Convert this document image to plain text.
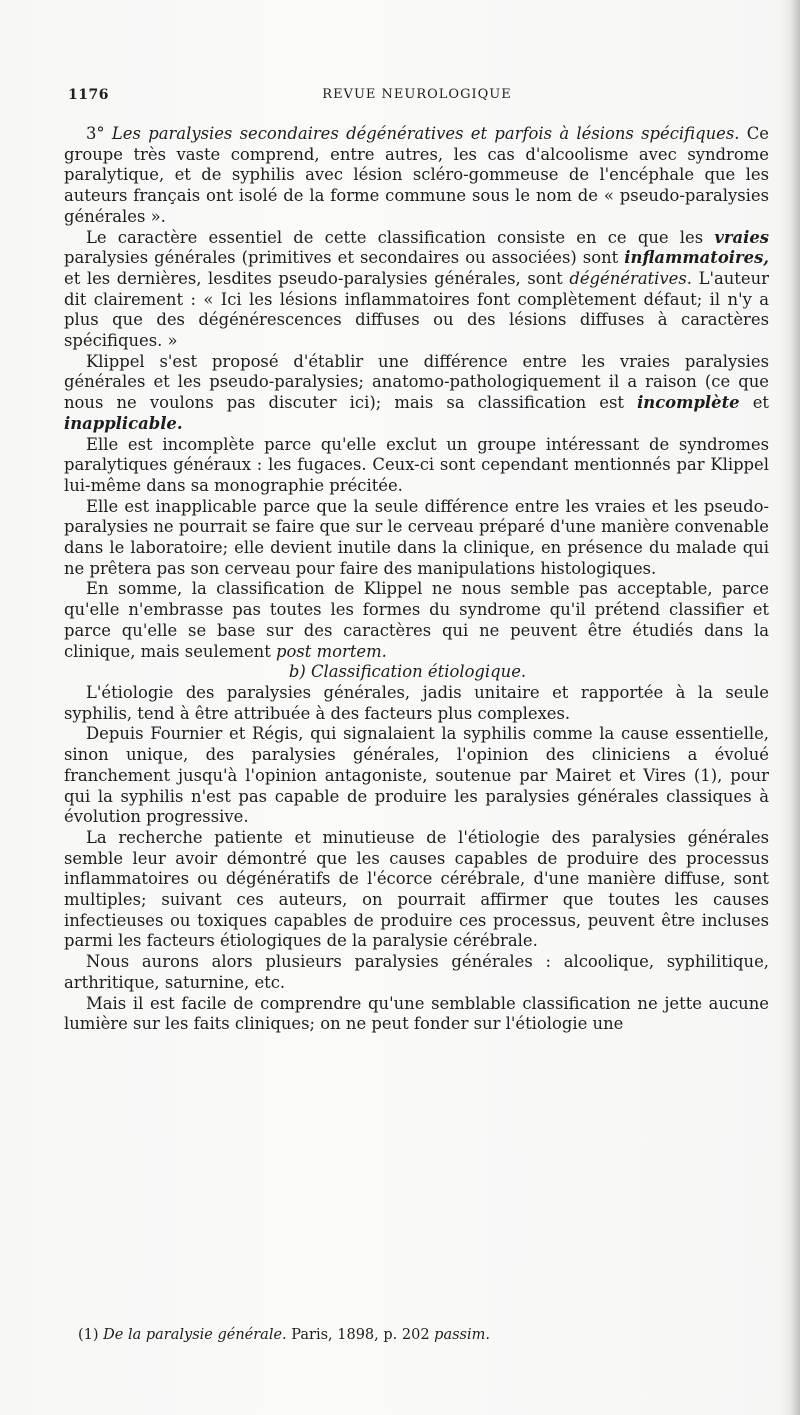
1176	REVUE NEUROLOGIQUE

3° Les paralysies secondaires dégénératives et parfois à lésions spécifiques. Ce groupe très vaste comprend, entre autres, les cas d'alcoolisme avec syndrome paralytique, et de syphilis avec lésion scléro-gommeuse de l'encéphale que les auteurs français ont isolé de la forme commune sous le nom de « pseudo-paralysies générales ».

Le caractère essentiel de cette classification consiste en ce que les vraies paralysies générales (primitives et secondaires ou associées) sont inflammatoires, et les dernières, lesdites pseudo-paralysies générales, sont dégénératives. L'auteur dit clairement : « Ici les lésions inflammatoires font complètement défaut; il n'y a plus que des dégénérescences diffuses ou des lésions diffuses à caractères spécifiques. »

Klippel s'est proposé d'établir une différence entre les vraies paralysies générales et les pseudo-paralysies; anatomo-pathologiquement il a raison (ce que nous ne voulons pas discuter ici); mais sa classification est incomplète et inapplicable.

Elle est incomplète parce qu'elle exclut un groupe intéressant de syndromes paralytiques généraux : les fugaces. Ceux-ci sont cependant mentionnés par Klippel lui-même dans sa monographie précitée.

Elle est inapplicable parce que la seule différence entre les vraies et les pseudo-paralysies ne pourrait se faire que sur le cerveau préparé d'une manière convenable dans le laboratoire; elle devient inutile dans la clinique, en présence du malade qui ne prêtera pas son cerveau pour faire des manipulations histologiques.

En somme, la classification de Klippel ne nous semble pas acceptable, parce qu'elle n'embrasse pas toutes les formes du syndrome qu'il prétend classifier et parce qu'elle se base sur des caractères qui ne peuvent être étudiés dans la clinique, mais seulement post mortem.

b) Classification étiologique.

L'étiologie des paralysies générales, jadis unitaire et rapportée à la seule syphilis, tend à être attribuée à des facteurs plus complexes.

Depuis Fournier et Régis, qui signalaient la syphilis comme la cause essentielle, sinon unique, des paralysies générales, l'opinion des cliniciens a évolué franchement jusqu'à l'opinion antagoniste, soutenue par Mairet et Vires (1), pour qui la syphilis n'est pas capable de produire les paralysies générales classiques à évolution progressive.

La recherche patiente et minutieuse de l'étiologie des paralysies générales semble leur avoir démontré que les causes capables de produire des processus inflammatoires ou dégénératifs de l'écorce cérébrale, d'une manière diffuse, sont multiples; suivant ces auteurs, on pourrait affirmer que toutes les causes infectieuses ou toxiques capables de produire ces processus, peuvent être incluses parmi les facteurs étiologiques de la paralysie cérébrale.

Nous aurons alors plusieurs paralysies générales : alcoolique, syphilitique, arthritique, saturnine, etc.

Mais il est facile de comprendre qu'une semblable classification ne jette aucune lumière sur les faits cliniques; on ne peut fonder sur l'étiologie une

(1) De la paralysie générale. Paris, 1898, p. 202 passim.
